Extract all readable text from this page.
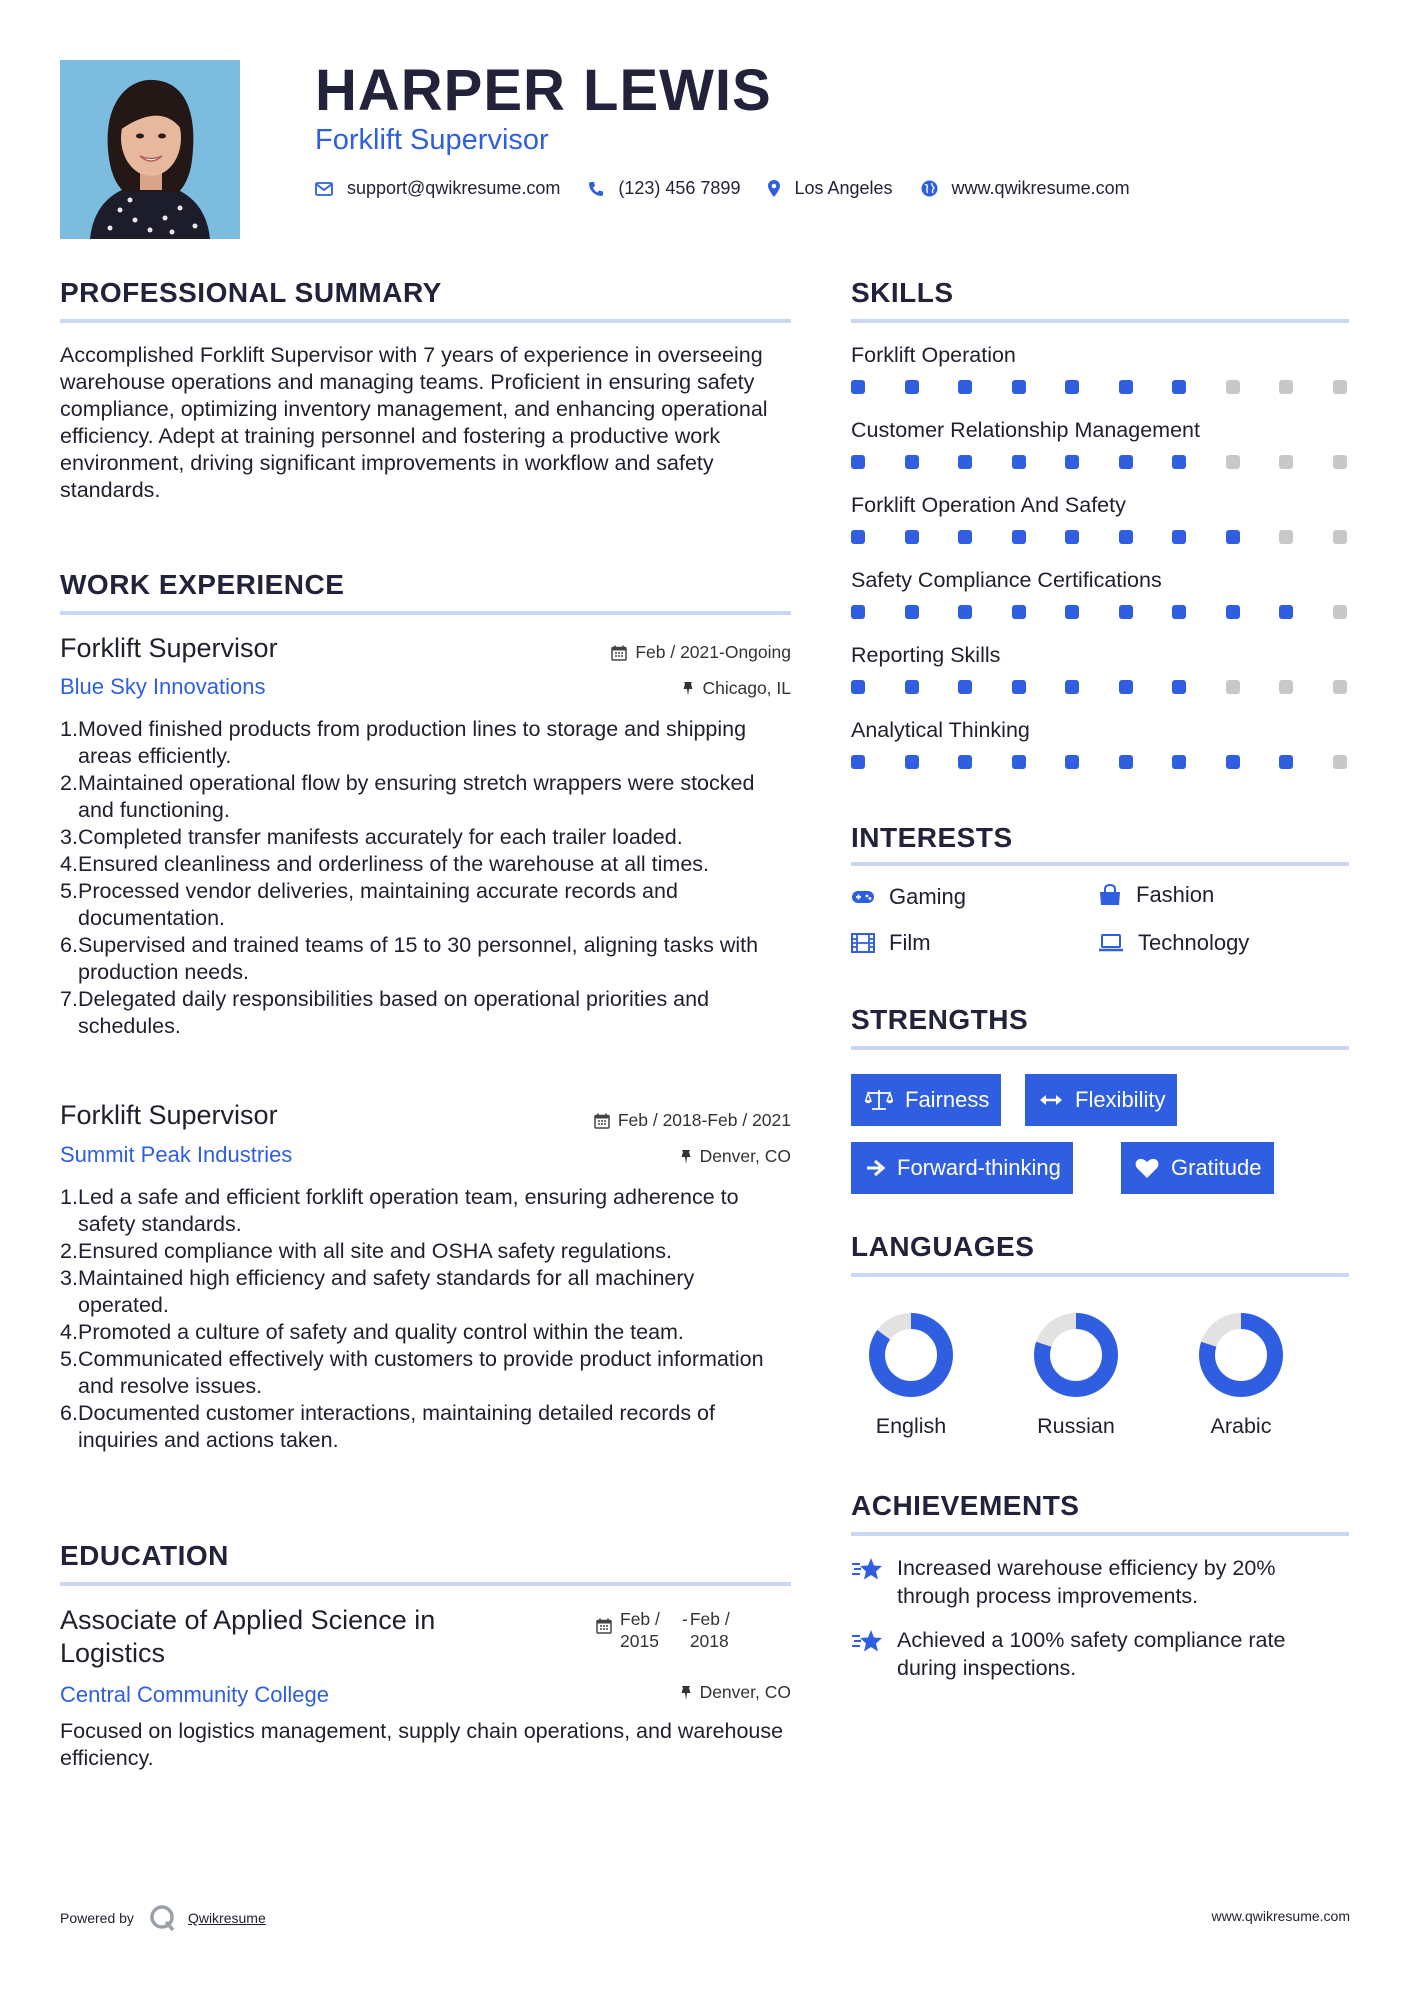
HARPER LEWIS
Forklift Supervisor
support@qwikresume.com	(123) 456 7899	Los Angeles	www.qwikresume.com
PROFESSIONAL SUMMARY
Accomplished Forklift Supervisor with 7 years of experience in overseeing warehouse operations and managing teams. Proficient in ensuring safety compliance, optimizing inventory management, and enhancing operational efficiency. Adept at training personnel and fostering a productive work environment, driving significant improvements in workflow and safety standards.
WORK EXPERIENCE
Forklift Supervisor	Feb / 2021-Ongoing
Blue Sky Innovations	Chicago, IL
Moved finished products from production lines to storage and shipping areas efficiently.
Maintained operational flow by ensuring stretch wrappers were stocked and functioning.
Completed transfer manifests accurately for each trailer loaded.
Ensured cleanliness and orderliness of the warehouse at all times.
Processed vendor deliveries, maintaining accurate records and documentation.
Supervised and trained teams of 15 to 30 personnel, aligning tasks with production needs.
Delegated daily responsibilities based on operational priorities and schedules.
Forklift Supervisor	Feb / 2018-Feb / 2021
Summit Peak Industries	Denver, CO
Led a safe and efficient forklift operation team, ensuring adherence to safety standards.
Ensured compliance with all site and OSHA safety regulations.
Maintained high efficiency and safety standards for all machinery operated.
Promoted a culture of safety and quality control within the team.
Communicated effectively with customers to provide product information and resolve issues.
Documented customer interactions, maintaining detailed records of inquiries and actions taken.
EDUCATION
Associate of Applied Science in Logistics
Feb / 2015
- Feb / 2018
Central Community College	Denver, CO
Focused on logistics management, supply chain operations, and warehouse efficiency.
SKILLS
Forklift Operation
Customer Relationship Management
Forklift Operation And Safety
Safety Compliance Certifications
Reporting Skills
Analytical Thinking
INTERESTS
Gaming	Fashion
Film	Technology
STRENGTHS
Fairness	Flexibility
Forward-thinking	Gratitude
LANGUAGES
English	Russian	Arabic
ACHIEVEMENTS
Increased warehouse efficiency by 20% through process improvements.
Achieved a 100% safety compliance rate during inspections.
Powered by	Qwikresume	www.qwikresume.com
